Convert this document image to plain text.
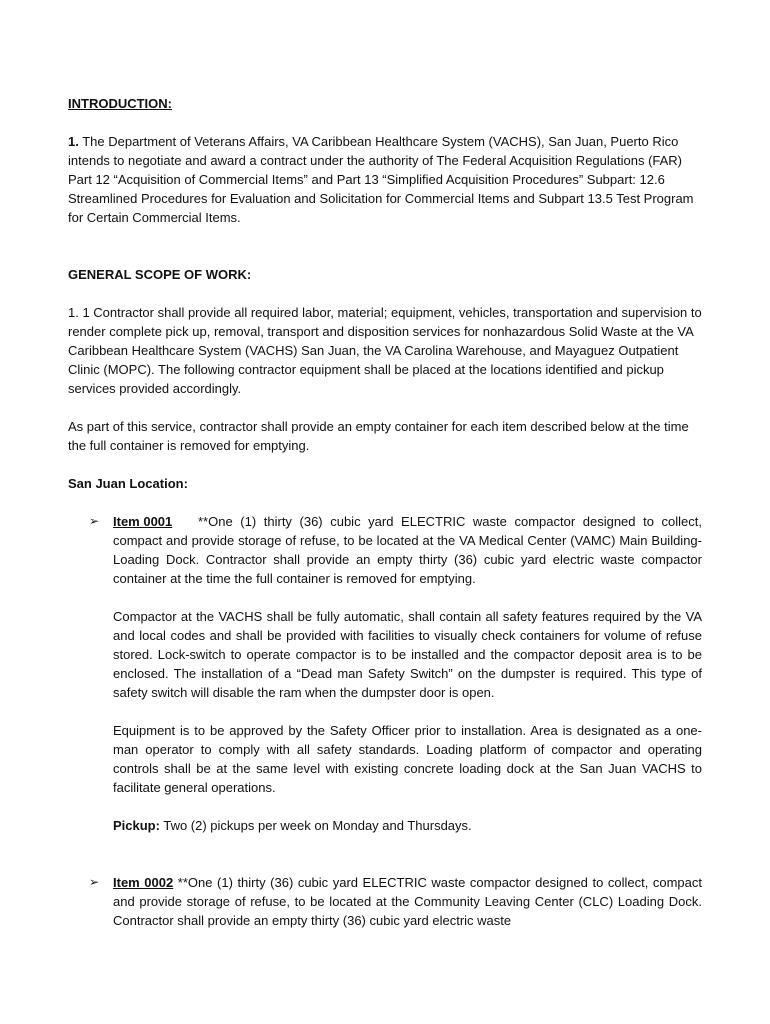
INTRODUCTION:

1. The Department of Veterans Affairs, VA Caribbean Healthcare System (VACHS), San Juan, Puerto Rico intends to negotiate and award a contract under the authority of The Federal Acquisition Regulations (FAR) Part 12 “Acquisition of Commercial Items” and Part 13 “Simplified Acquisition Procedures” Subpart: 12.6 Streamlined Procedures for Evaluation and Solicitation for Commercial Items and Subpart 13.5 Test Program for Certain Commercial Items.

GENERAL SCOPE OF WORK:

1. 1 Contractor shall provide all required labor, material; equipment, vehicles, transportation and supervision to render complete pick up, removal, transport and disposition services for nonhazardous Solid Waste at the VA Caribbean Healthcare System (VACHS) San Juan, the VA Carolina Warehouse, and Mayaguez Outpatient Clinic (MOPC). The following contractor equipment shall be placed at the locations identified and pickup services provided accordingly.

As part of this service, contractor shall provide an empty container for each item described below at the time the full container is removed for emptying.

San Juan Location:

➢ Item 0001 **One (1) thirty (36) cubic yard ELECTRIC waste compactor designed to collect, compact and provide storage of refuse, to be located at the VA Medical Center (VAMC) Main Building- Loading Dock. Contractor shall provide an empty thirty (36) cubic yard electric waste compactor container at the time the full container is removed for emptying.

Compactor at the VACHS shall be fully automatic, shall contain all safety features required by the VA and local codes and shall be provided with facilities to visually check containers for volume of refuse stored. Lock-switch to operate compactor is to be installed and the compactor deposit area is to be enclosed. The installation of a “Dead man Safety Switch” on the dumpster is required. This type of safety switch will disable the ram when the dumpster door is open.

Equipment is to be approved by the Safety Officer prior to installation. Area is designated as a one-man operator to comply with all safety standards. Loading platform of compactor and operating controls shall be at the same level with existing concrete loading dock at the San Juan VACHS to facilitate general operations.

Pickup: Two (2) pickups per week on Monday and Thursdays.

➢ Item 0002 **One (1) thirty (36) cubic yard ELECTRIC waste compactor designed to collect, compact and provide storage of refuse, to be located at the Community Leaving Center (CLC) Loading Dock. Contractor shall provide an empty thirty (36) cubic yard electric waste
